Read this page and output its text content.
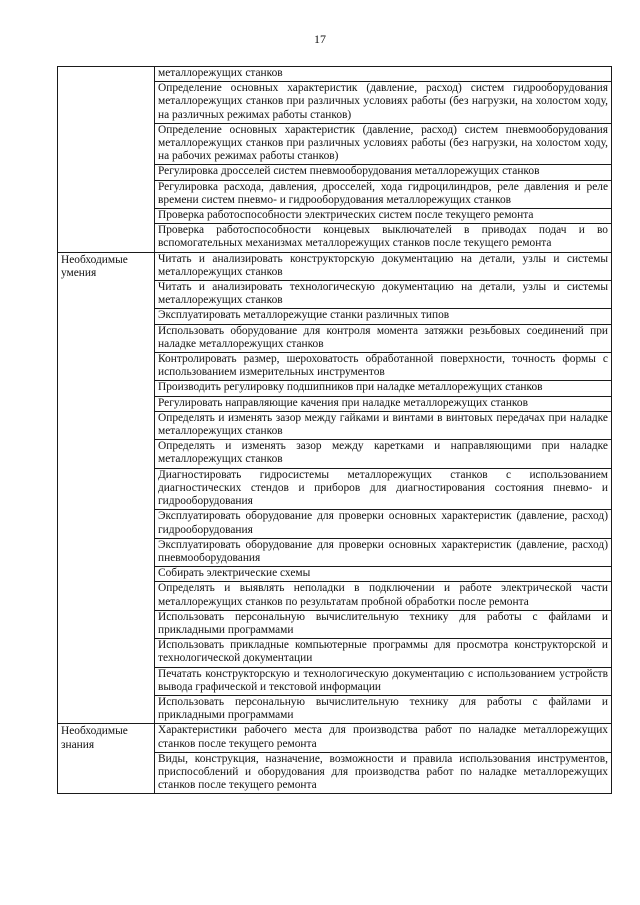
17

	металлорежущих станков

	Определение основных характеристик (давление, расход) систем гидрооборудования металлорежущих станков при различных условиях работы (без нагрузки, на холостом ходу, на различных режимах работы станков)

	Определение основных характеристик (давление, расход) систем пневмооборудования металлорежущих станков при различных условиях работы (без нагрузки, на холостом ходу, на рабочих режимах работы станков)

	Регулировка дросселей систем пневмооборудования металлорежущих станков

	Регулировка расхода, давления, дросселей, хода гидроцилиндров, реле давления и реле времени систем пневмо- и гидрооборудования металлорежущих станков

	Проверка работоспособности электрических систем после текущего ремонта

	Проверка работоспособности концевых выключателей в приводах подач и во вспомогательных механизмах металлорежущих станков после текущего ремонта

Необходимые умения	Читать и анализировать конструкторскую документацию на детали, узлы и системы металлорежущих станков

	Читать и анализировать технологическую документацию на детали, узлы и системы металлорежущих станков

	Эксплуатировать металлорежущие станки различных типов

	Использовать оборудование для контроля момента затяжки резьбовых соединений при наладке металлорежущих станков

	Контролировать размер, шероховатость обработанной поверхности, точность формы с использованием измерительных инструментов

	Производить регулировку подшипников при наладке металлорежущих станков

	Регулировать направляющие качения при наладке металлорежущих станков

	Определять и изменять зазор между гайками и винтами в винтовых передачах при наладке металлорежущих станков

	Определять и изменять зазор между каретками и направляющими при наладке металлорежущих станков

	Диагностировать гидросистемы металлорежущих станков с использованием диагностических стендов и приборов для диагностирования состояния пневмо- и гидрооборудования

	Эксплуатировать оборудование для проверки основных характеристик (давление, расход) гидрооборудования

	Эксплуатировать оборудование для проверки основных характеристик (давление, расход) пневмооборудования

	Собирать электрические схемы

	Определять и выявлять неполадки в подключении и работе электрической части металлорежущих станков по результатам пробной обработки после ремонта

	Использовать персональную вычислительную технику для работы с файлами и прикладными программами

	Использовать прикладные компьютерные программы для просмотра конструкторской и технологической документации

	Печатать конструкторскую и технологическую документацию с использованием устройств вывода графической и текстовой информации

	Использовать персональную вычислительную технику для работы с файлами и прикладными программами

Необходимые знания	Характеристики рабочего места для производства работ по наладке металлорежущих станков после текущего ремонта

	Виды, конструкция, назначение, возможности и правила использования инструментов, приспособлений и оборудования для производства работ по наладке металлорежущих станков после текущего ремонта
